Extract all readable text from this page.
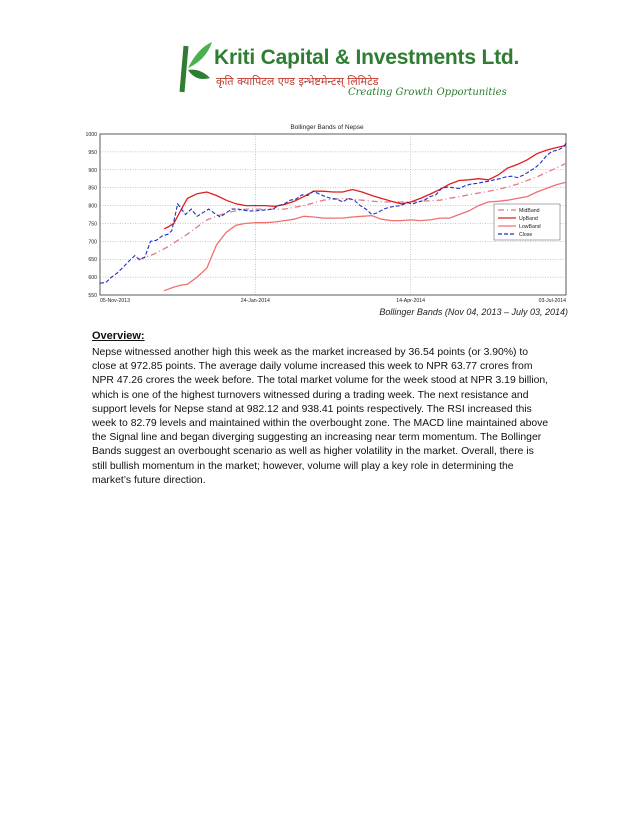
Kriti Capital & Investments Ltd.
कृति क्यापिटल एण्ड इन्भेष्टमेन्टस् लिमिटेड
Creating Growth Opportunities
Bollinger Bands of Nepse
550
600
650
700
750
800
850
900
950
1000
05-Nov-2013	24-Jan-2014	14-Apr-2014	03-Jul-2014
MidBand
UpBand
LowBand
Close
Bollinger Bands (Nov 04, 2013 – July 03, 2014)
Overview:
Nepse witnessed another high this week as the market increased by 36.54 points (or 3.90%) to close at 972.85 points. The average daily volume increased this week to NPR 63.77 crores from NPR 47.26 crores the week before. The total market volume for the week stood at NPR 3.19 billion, which is one of the highest turnovers witnessed during a trading week. The next resistance and support levels for Nepse stand at 982.12 and 938.41 points respectively. The RSI increased this week to 82.79 levels and maintained within the overbought zone. The MACD line maintained above the Signal line and began diverging suggesting an increasing near term momentum. The Bollinger Bands suggest an overbought scenario as well as higher volatility in the market. Overall, there is still bullish momentum in the market; however, volume will play a key role in determining the market’s future direction.
